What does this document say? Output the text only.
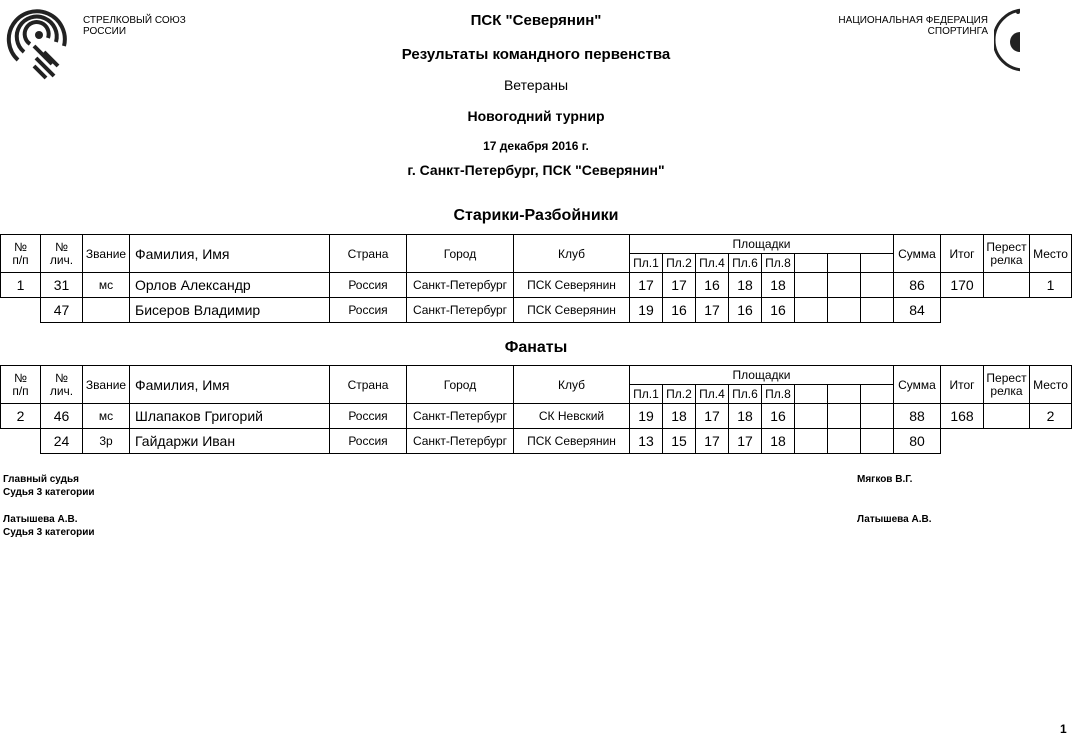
СТРЕЛКОВЫЙ СОЮЗ
РОССИИ
НАЦИОНАЛЬНАЯ ФЕДЕРАЦИЯ
СПОРТИНГА
ПСК "Северянин"
Результаты командного первенства
Ветераны
Новогодний турнир
17 декабря 2016 г.
г. Санкт-Петербург, ПСК "Северянин"
Старики-Разбойники
№
п/п	№
лич.	Звание	Фамилия, Имя	Страна	Город	Клуб	Площадки								Сумма	Итог	Перест
релка	Место
							Пл.1	Пл.2	Пл.4	Пл.6	Пл.8							
1	31	мс	Орлов Александр	Россия	Санкт-Петербург	ПСК Северянин	17	17	16	18	18				86	170		1
	47		Бисеров Владимир	Россия	Санкт-Петербург	ПСК Северянин	19	16	17	16	16				84			
Фанаты
№
п/п	№
лич.	Звание	Фамилия, Имя	Страна	Город	Клуб	Площадки								Сумма	Итог	Перест
релка	Место
							Пл.1	Пл.2	Пл.4	Пл.6	Пл.8							
2	46	мс	Шлапаков Григорий	Россия	Санкт-Петербург	СК Невский	19	18	17	18	16				88	168		2
	24	3р	Гайдаржи Иван	Россия	Санкт-Петербург	ПСК Северянин	13	15	17	17	18				80			
Главный судья
Судья 3 категории
Мягков В.Г.
Латышева А.В.
Судья 3 категории
Латышева А.В.
1
